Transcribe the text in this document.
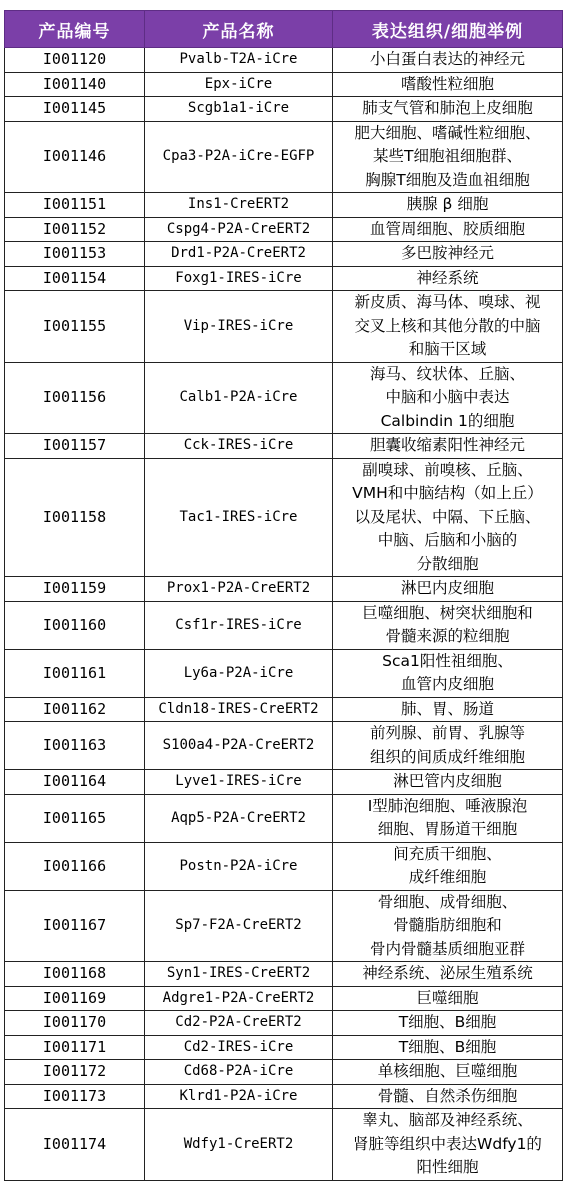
产品编号	产品名称	表达组织/细胞举例
I001120	Pvalb-T2A-iCre	小白蛋白表达的神经元

I001140	Epx-iCre	嗜酸性粒细胞

I001145	Scgb1a1-iCre	肺支气管和肺泡上皮细胞

I001146	Cpa3-P2A-iCre-EGFP	肥大细胞、嗜碱性粒细胞、
某些T细胞祖细胞群、
胸腺T细胞及造血祖细胞

I001151	Ins1-CreERT2	胰腺 β 细胞

I001152	Cspg4-P2A-CreERT2	血管周细胞、胶质细胞

I001153	Drd1-P2A-CreERT2	多巴胺神经元

I001154	Foxg1-IRES-iCre	神经系统

I001155	Vip-IRES-iCre	新皮质、海马体、嗅球、视
交叉上核和其他分散的中脑
和脑干区域

I001156	Calb1-P2A-iCre	海马、纹状体、丘脑、
中脑和小脑中表达
Calbindin 1的细胞

I001157	Cck-IRES-iCre	胆囊收缩素阳性神经元

I001158	Tac1-IRES-iCre	副嗅球、前嗅核、丘脑、
VMH和中脑结构（如上丘）
以及尾状、中隔、下丘脑、
中脑、后脑和小脑的
分散细胞

I001159	Prox1-P2A-CreERT2	淋巴内皮细胞

I001160	Csf1r-IRES-iCre	巨噬细胞、树突状细胞和
骨髓来源的粒细胞

I001161	Ly6a-P2A-iCre	Sca1阳性祖细胞、
血管内皮细胞

I001162	Cldn18-IRES-CreERT2	肺、胃、肠道

I001163	S100a4-P2A-CreERT2	前列腺、前胃、乳腺等
组织的间质成纤维细胞

I001164	Lyve1-IRES-iCre	淋巴管内皮细胞

I001165	Aqp5-P2A-CreERT2	Ⅰ型肺泡细胞、唾液腺泡
细胞、胃肠道干细胞

I001166	Postn-P2A-iCre	间充质干细胞、
成纤维细胞

I001167	Sp7-F2A-CreERT2	骨细胞、成骨细胞、
骨髓脂肪细胞和
骨内骨髓基质细胞亚群

I001168	Syn1-IRES-CreERT2	神经系统、泌尿生殖系统

I001169	Adgre1-P2A-CreERT2	巨噬细胞

I001170	Cd2-P2A-CreERT2	T细胞、B细胞

I001171	Cd2-IRES-iCre	T细胞、B细胞

I001172	Cd68-P2A-iCre	单核细胞、巨噬细胞

I001173	Klrd1-P2A-iCre	骨髓、自然杀伤细胞

I001174	Wdfy1-CreERT2	睾丸、脑部及神经系统、
肾脏等组织中表达Wdfy1的
阳性细胞
